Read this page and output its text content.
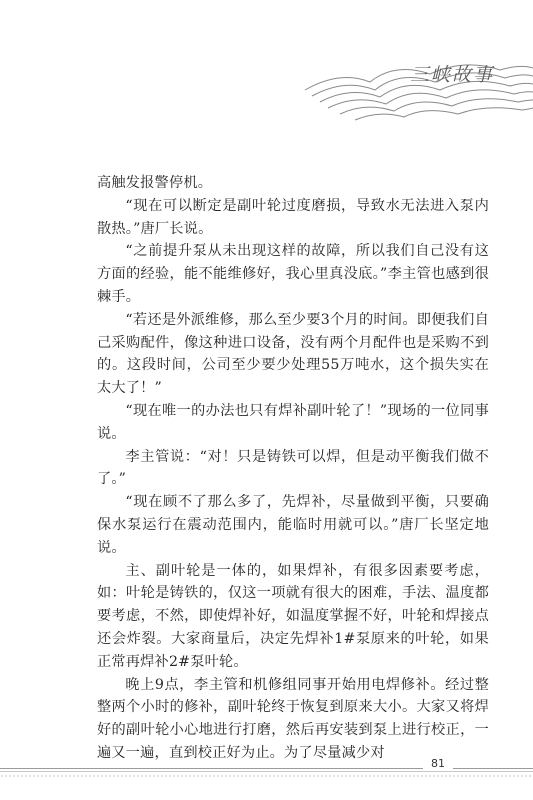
三峡故事

高触发报警停机。

“现在可以断定是副叶轮过度磨损，导致水无法进入泵内散热。”唐厂长说。

“之前提升泵从未出现这样的故障，所以我们自己没有这方面的经验，能不能维修好，我心里真没底。”李主管也感到很棘手。

“若还是外派维修，那么至少要3个月的时间。即便我们自己采购配件，像这种进口设备，没有两个月配件也是采购不到的。这段时间，公司至少要少处理55万吨水，这个损失实在太大了！”

“现在唯一的办法也只有焊补副叶轮了！”现场的一位同事说。

李主管说：“对！只是铸铁可以焊，但是动平衡我们做不了。”

“现在顾不了那么多了，先焊补，尽量做到平衡，只要确保水泵运行在震动范围内，能临时用就可以。”唐厂长坚定地说。

主、副叶轮是一体的，如果焊补，有很多因素要考虑，如：叶轮是铸铁的，仅这一项就有很大的困难，手法、温度都要考虑，不然，即使焊补好，如温度掌握不好，叶轮和焊接点还会炸裂。大家商量后，决定先焊补1#泵原来的叶轮，如果正常再焊补2#泵叶轮。

晚上9点，李主管和机修组同事开始用电焊修补。经过整整两个小时的修补，副叶轮终于恢复到原来大小。大家又将焊好的副叶轮小心地进行打磨，然后再安装到泵上进行校正，一遍又一遍，直到校正好为止。为了尽量减少对

81
